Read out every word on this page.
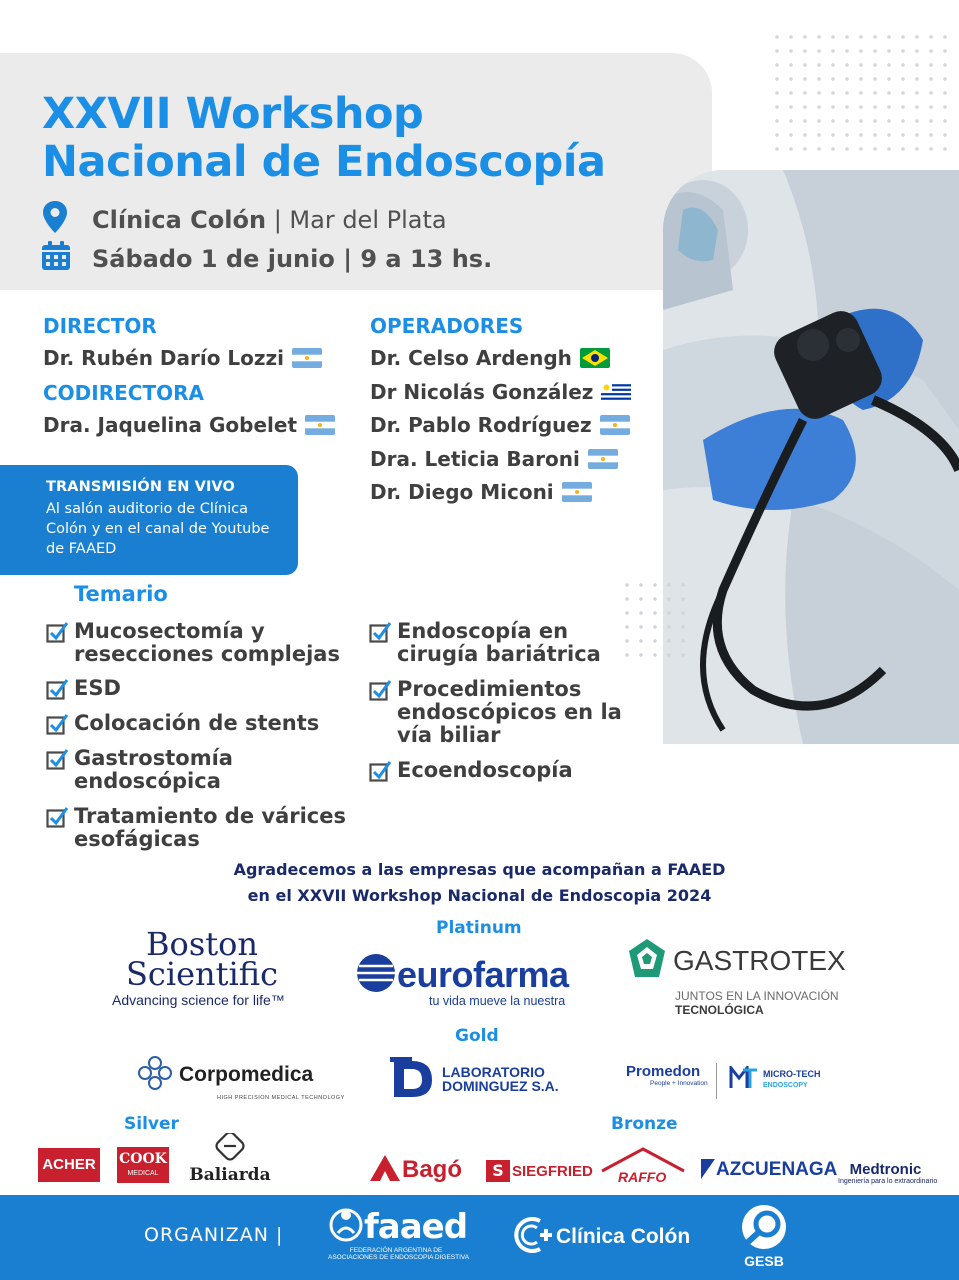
XXVII Workshop
Nacional de Endoscopía
Clínica Colón | Mar del Plata
Sábado 1 de junio | 9 a 13 hs.
DIRECTOR
Dr. Rubén Darío Lozzi
CODIRECTORA
Dra. Jaquelina Gobelet
OPERADORES
Dr. Celso Ardengh
Dr Nicolás González
Dr. Pablo Rodríguez
Dra. Leticia Baroni
Dr. Diego Miconi
TRANSMISIÓN EN VIVO
Al salón auditorio de Clínica Colón y en el canal de Youtube de FAAED
Temario
Mucosectomía y resecciones complejas
ESD
Colocación de stents
Gastrostomía endoscópica
Tratamiento de várices esofágicas
Endoscopía en cirugía bariátrica
Procedimientos endoscópicos en la vía biliar
Ecoendoscopía
Agradecemos a las empresas que acompañan a FAAED
en el XXVII Workshop Nacional de Endoscopia 2024
Platinum
Gold
Silver	Bronze
Boston
Scientific
Advancing science for life™
eurofarma
tu vida mueve la nuestra
GASTROTEX
JUNTOS EN LA INNOVACIÓN
TECNOLÓGICA
Corpomedica
HIGH PRECISION MEDICAL TECHNOLOGY
LABORATORIO
DOMINGUEZ S.A.
Promedon
People + Innovation
MICRO-TECH
ENDOSCOPY
ACHER	COOK
MEDICAL	Baliarda	Bagó	S SIEGFRIED RAFFO	AZCUENAGA Medtronic
Ingeniería para lo extraordinario
ORGANIZAN |	faaed
FEDERACIÓN ARGENTINA DE
ASOCIACIONES DE ENDOSCOPIA DIGESTIVA
Clínica Colón
GESB
